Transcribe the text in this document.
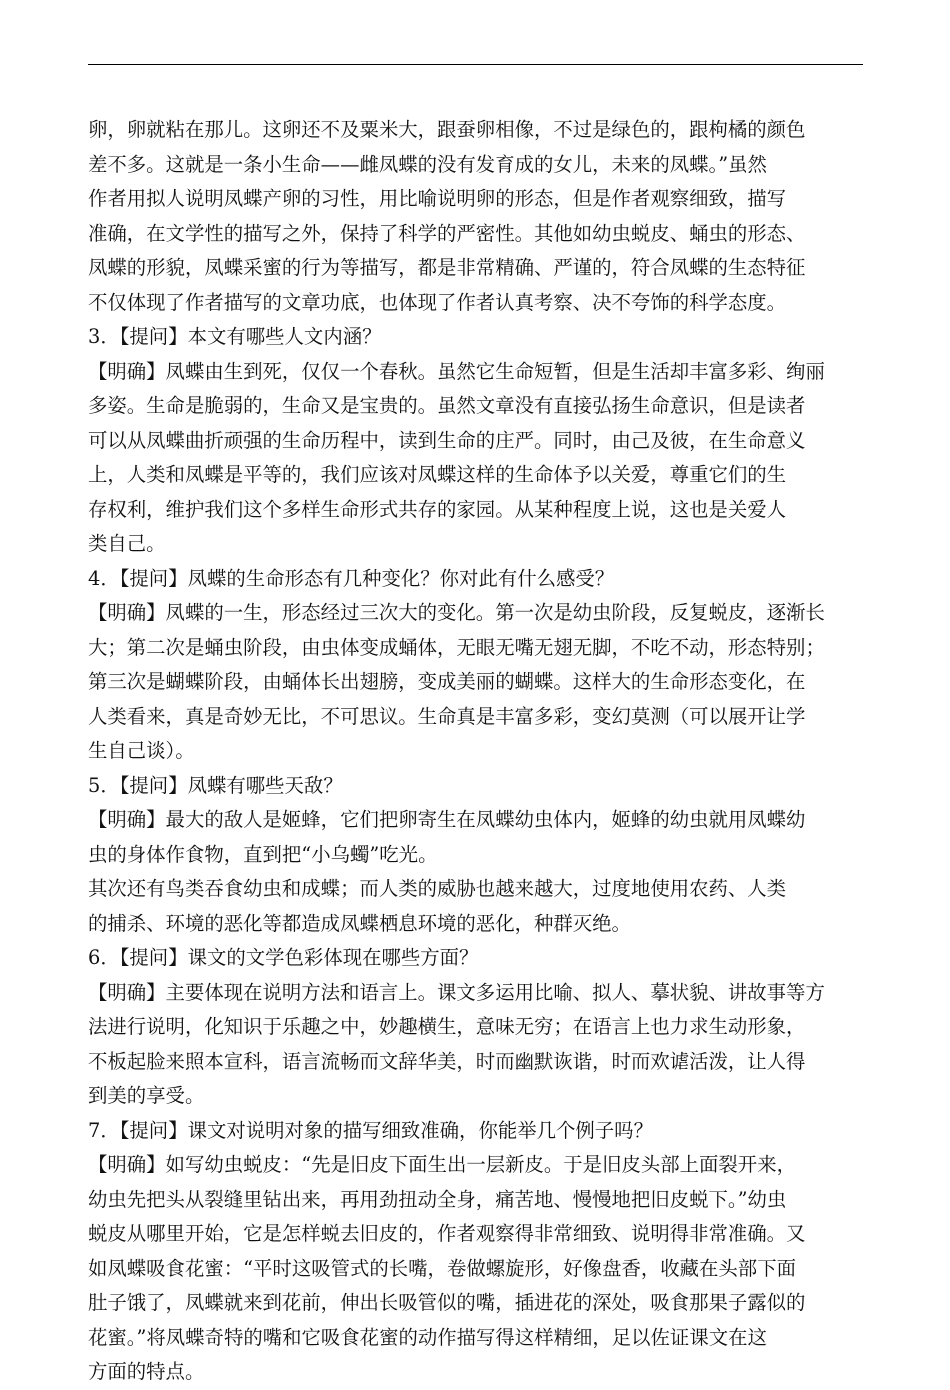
卵，卵就粘在那儿。这卵还不及粟米大，跟蚕卵相像，不过是绿色的，跟枸橘的颜色
差不多。这就是一条小生命——雌凤蝶的没有发育成的女儿，未来的凤蝶。”虽然
作者用拟人说明凤蝶产卵的习性，用比喻说明卵的形态，但是作者观察细致，描写
准确，在文学性的描写之外，保持了科学的严密性。其他如幼虫蜕皮、蛹虫的形态、
凤蝶的形貌，凤蝶采蜜的行为等描写，都是非常精确、严谨的，符合凤蝶的生态特征
不仅体现了作者描写的文章功底，也体现了作者认真考察、决不夸饰的科学态度。
3．【提问】本文有哪些人文内涵？
【明确】凤蝶由生到死，仅仅一个春秋。虽然它生命短暂，但是生活却丰富多彩、绚丽
多姿。生命是脆弱的，生命又是宝贵的。虽然文章没有直接弘扬生命意识，但是读者
可以从凤蝶曲折顽强的生命历程中，读到生命的庄严。同时，由己及彼，在生命意义
上，人类和凤蝶是平等的，我们应该对凤蝶这样的生命体予以关爱，尊重它们的生
存权利，维护我们这个多样生命形式共存的家园。从某种程度上说，这也是关爱人
类自己。
4．【提问】凤蝶的生命形态有几种变化？你对此有什么感受？
【明确】凤蝶的一生，形态经过三次大的变化。第一次是幼虫阶段，反复蜕皮，逐渐长
大；第二次是蛹虫阶段，由虫体变成蛹体，无眼无嘴无翅无脚，不吃不动，形态特别；
第三次是蝴蝶阶段，由蛹体长出翅膀，变成美丽的蝴蝶。这样大的生命形态变化，在
人类看来，真是奇妙无比，不可思议。生命真是丰富多彩，变幻莫测（可以展开让学
生自己谈）。
5．【提问】凤蝶有哪些天敌？
【明确】最大的敌人是姬蜂，它们把卵寄生在凤蝶幼虫体内，姬蜂的幼虫就用凤蝶幼
虫的身体作食物，直到把“小乌蠋”吃光。
其次还有鸟类吞食幼虫和成蝶；而人类的威胁也越来越大，过度地使用农药、人类
的捕杀、环境的恶化等都造成凤蝶栖息环境的恶化，种群灭绝。
6．【提问】课文的文学色彩体现在哪些方面？
【明确】主要体现在说明方法和语言上。课文多运用比喻、拟人、摹状貌、讲故事等方
法进行说明，化知识于乐趣之中，妙趣横生，意味无穷；在语言上也力求生动形象，
不板起脸来照本宣科，语言流畅而文辞华美，时而幽默诙谐，时而欢谑活泼，让人得
到美的享受。
7．【提问】课文对说明对象的描写细致准确，你能举几个例子吗？
【明确】如写幼虫蜕皮：“先是旧皮下面生出一层新皮。于是旧皮头部上面裂开来，
幼虫先把头从裂缝里钻出来，再用劲扭动全身，痛苦地、慢慢地把旧皮蜕下。”幼虫
蜕皮从哪里开始，它是怎样蜕去旧皮的，作者观察得非常细致、说明得非常准确。又
如凤蝶吸食花蜜：“平时这吸管式的长嘴，卷做螺旋形，好像盘香，收藏在头部下面
肚子饿了，凤蝶就来到花前，伸出长吸管似的嘴，插进花的深处，吸食那果子露似的
花蜜。”将凤蝶奇特的嘴和它吸食花蜜的动作描写得这样精细，足以佐证课文在这
方面的特点。
